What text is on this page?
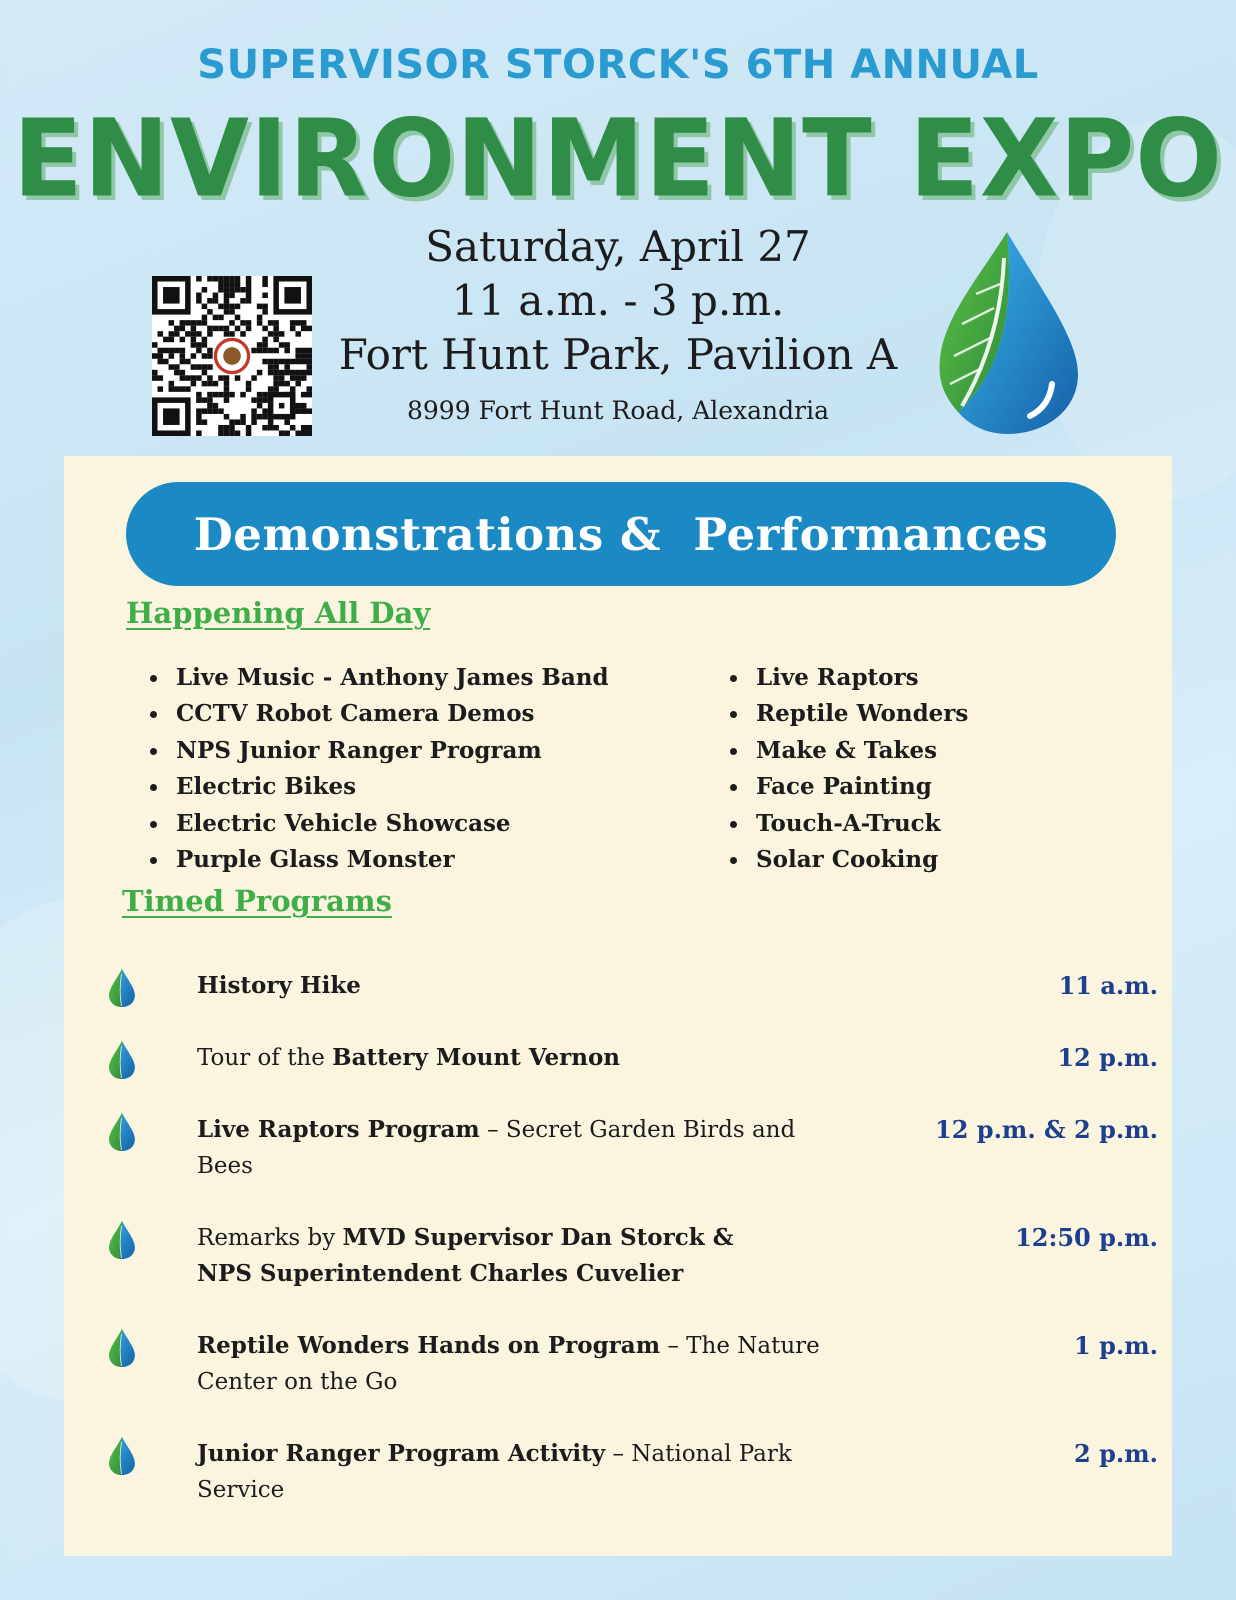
SUPERVISOR STORCK'S 6TH ANNUAL
ENVIRONMENT EXPO
Saturday, April 27
11 a.m. - 3 p.m.
Fort Hunt Park, Pavilion A
8999 Fort Hunt Road, Alexandria
Demonstrations &  Performances
Happening All Day
Live Music - Anthony James Band
CCTV Robot Camera Demos
NPS Junior Ranger Program
Electric Bikes
Electric Vehicle Showcase
Purple Glass Monster
Live Raptors
Reptile Wonders
Make & Takes
Face Painting
Touch-A-Truck
Solar Cooking
Timed Programs
History Hike	11 a.m.
Tour of the Battery Mount Vernon	12 p.m.
Live Raptors Program – Secret Garden Birds and Bees
12 p.m. & 2 p.m.
Remarks by MVD Supervisor Dan Storck & NPS Superintendent Charles Cuvelier
12:50 p.m.
Reptile Wonders Hands on Program – The Nature Center on the Go
1 p.m.
Junior Ranger Program Activity – National Park Service
2 p.m.
